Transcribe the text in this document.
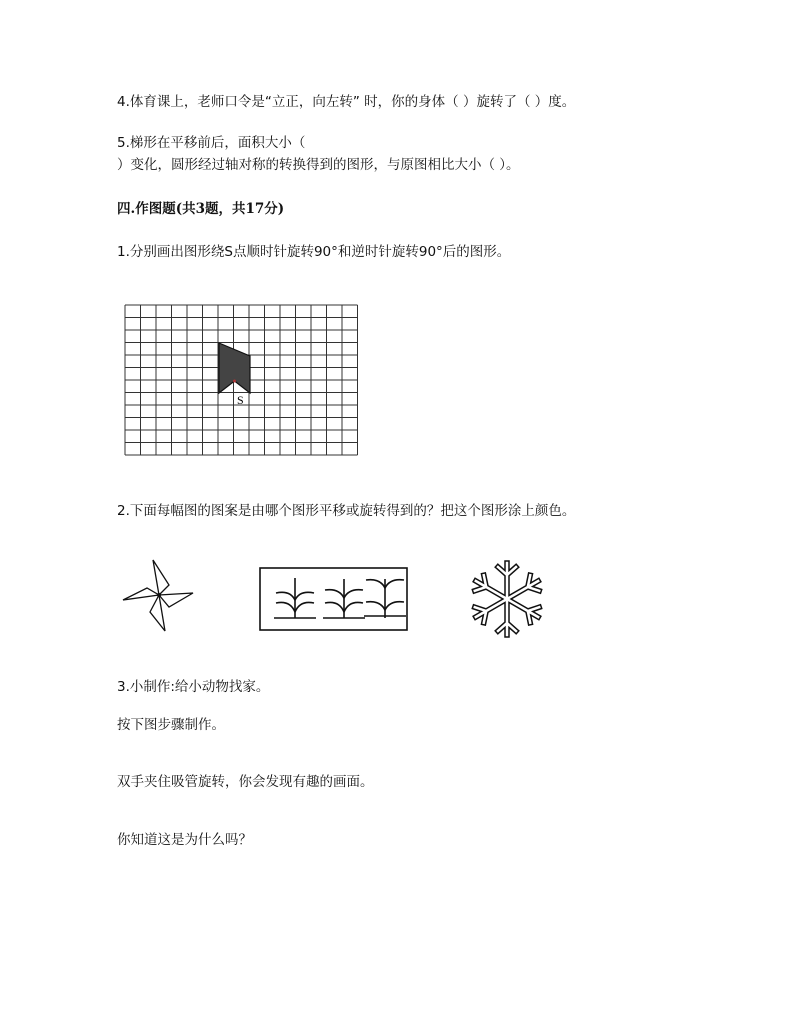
4.体育课上，老师口令是“立正，向左转” 时，你的身体（ ）旋转了（ ）度。
5.梯形在平移前后，面积大小（
）变化，圆形经过轴对称的转换得到的图形，与原图相比大小（ ）。
四.作图题(共3题，共17分)
1.分别画出图形绕S点顺时针旋转90°和逆时针旋转90°后的图形。
S
2.下面每幅图的图案是由哪个图形平移或旋转得到的？把这个图形涂上颜色。
3.小制作:给小动物找家。
按下图步骤制作。
双手夹住吸管旋转，你会发现有趣的画面。
你知道这是为什么吗？
